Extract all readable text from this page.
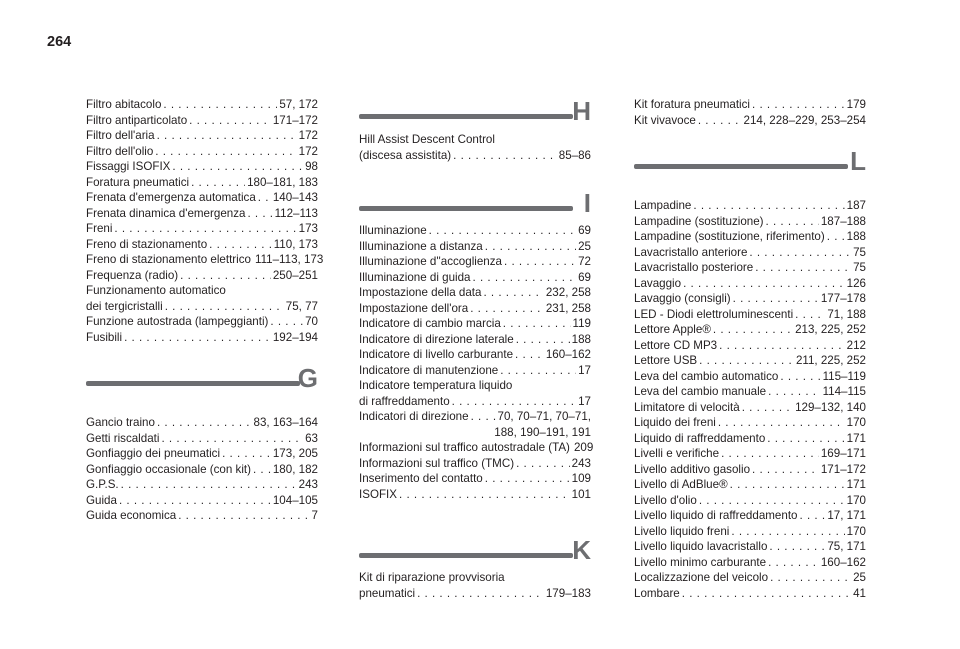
264
Filtro abitacolo . . .	57, 172
Filtro antiparticolato . . .	171–172
Filtro dell'aria . . .	172
Filtro dell'olio . . .	172
Fissaggi ISOFIX . . .	98
Foratura pneumatici . . .	180–181, 183
Frenata d'emergenza automatica . . . 140–143
Frenata dinamica d'emergenza . . .	112–113
Freni . . .	173
Freno di stazionamento . . .	110, 173
Freno di stazionamento elettrico 111–113, 173
Frequenza (radio) . . .	250–251
Funzionamento automatico
dei tergicristalli . . .	75, 77
Funzione autostrada (lampeggianti) . . .	70
Fusibili . . .	192–194
G
Gancio traino . . .	83, 163–164
Getti riscaldati . . .	63
Gonfiaggio dei pneumatici . . .	173, 205
Gonfiaggio occasionale (con kit) . . . 180, 182
G.P.S. . . .	243
Guida . . .	104–105
Guida economica . . .	7
H
Hill Assist Descent Control
(discesa assistita) . . .	85–86
I
Illuminazione . . .	69
Illuminazione a distanza . . .	25
Illuminazione d''accoglienza . . .	72
Illuminazione di guida . . .	69
Impostazione della data . . .	232, 258
Impostazione dell'ora . . .	231, 258
Indicatore di cambio marcia . . .	119
Indicatore di direzione laterale . . .	188
Indicatore di livello carburante . . .	160–162
Indicatore di manutenzione . . .	17
Indicatore temperatura liquido
di raffreddamento . . .	17
Indicatori di direzione . . . 70, 70–71, 70–71,
188, 190–191, 191
Informazioni sul traffico autostradale (TA) 209
Informazioni sul traffico (TMC) . . .	243
Inserimento del contatto . . .	109
ISOFIX . . .	101
K
Kit di riparazione provvisoria
pneumatici . . .	179–183
Kit foratura pneumatici . . .	179
Kit vivavoce . . .	214, 228–229, 253–254
L
Lampadine . . .	187
Lampadine (sostituzione) . . .	187–188
Lampadine (sostituzione, riferimento) . . . 188
Lavacristallo anteriore . . .	75
Lavacristallo posteriore . . .	75
Lavaggio . . .	126
Lavaggio (consigli) . . .	177–178
LED - Diodi elettroluminescenti . . .	71, 188
Lettore Apple® . . .	213, 225, 252
Lettore CD MP3 . . .	212
Lettore USB . . .	211, 225, 252
Leva del cambio automatico . . .	115–119
Leva del cambio manuale . . .	114–115
Limitatore di velocità . . .	129–132, 140
Liquido dei freni . . .	170
Liquido di raffreddamento . . .	171
Livelli e verifiche . . .	169–171
Livello additivo gasolio . . .	171–172
Livello di AdBlue® . . .	171
Livello d'olio . . .	170
Livello liquido di raffreddamento . . .	17, 171
Livello liquido freni . . .	170
Livello liquido lavacristallo . . .	75, 171
Livello minimo carburante . . .	160–162
Localizzazione del veicolo . . .	25
Lombare . . .	41
